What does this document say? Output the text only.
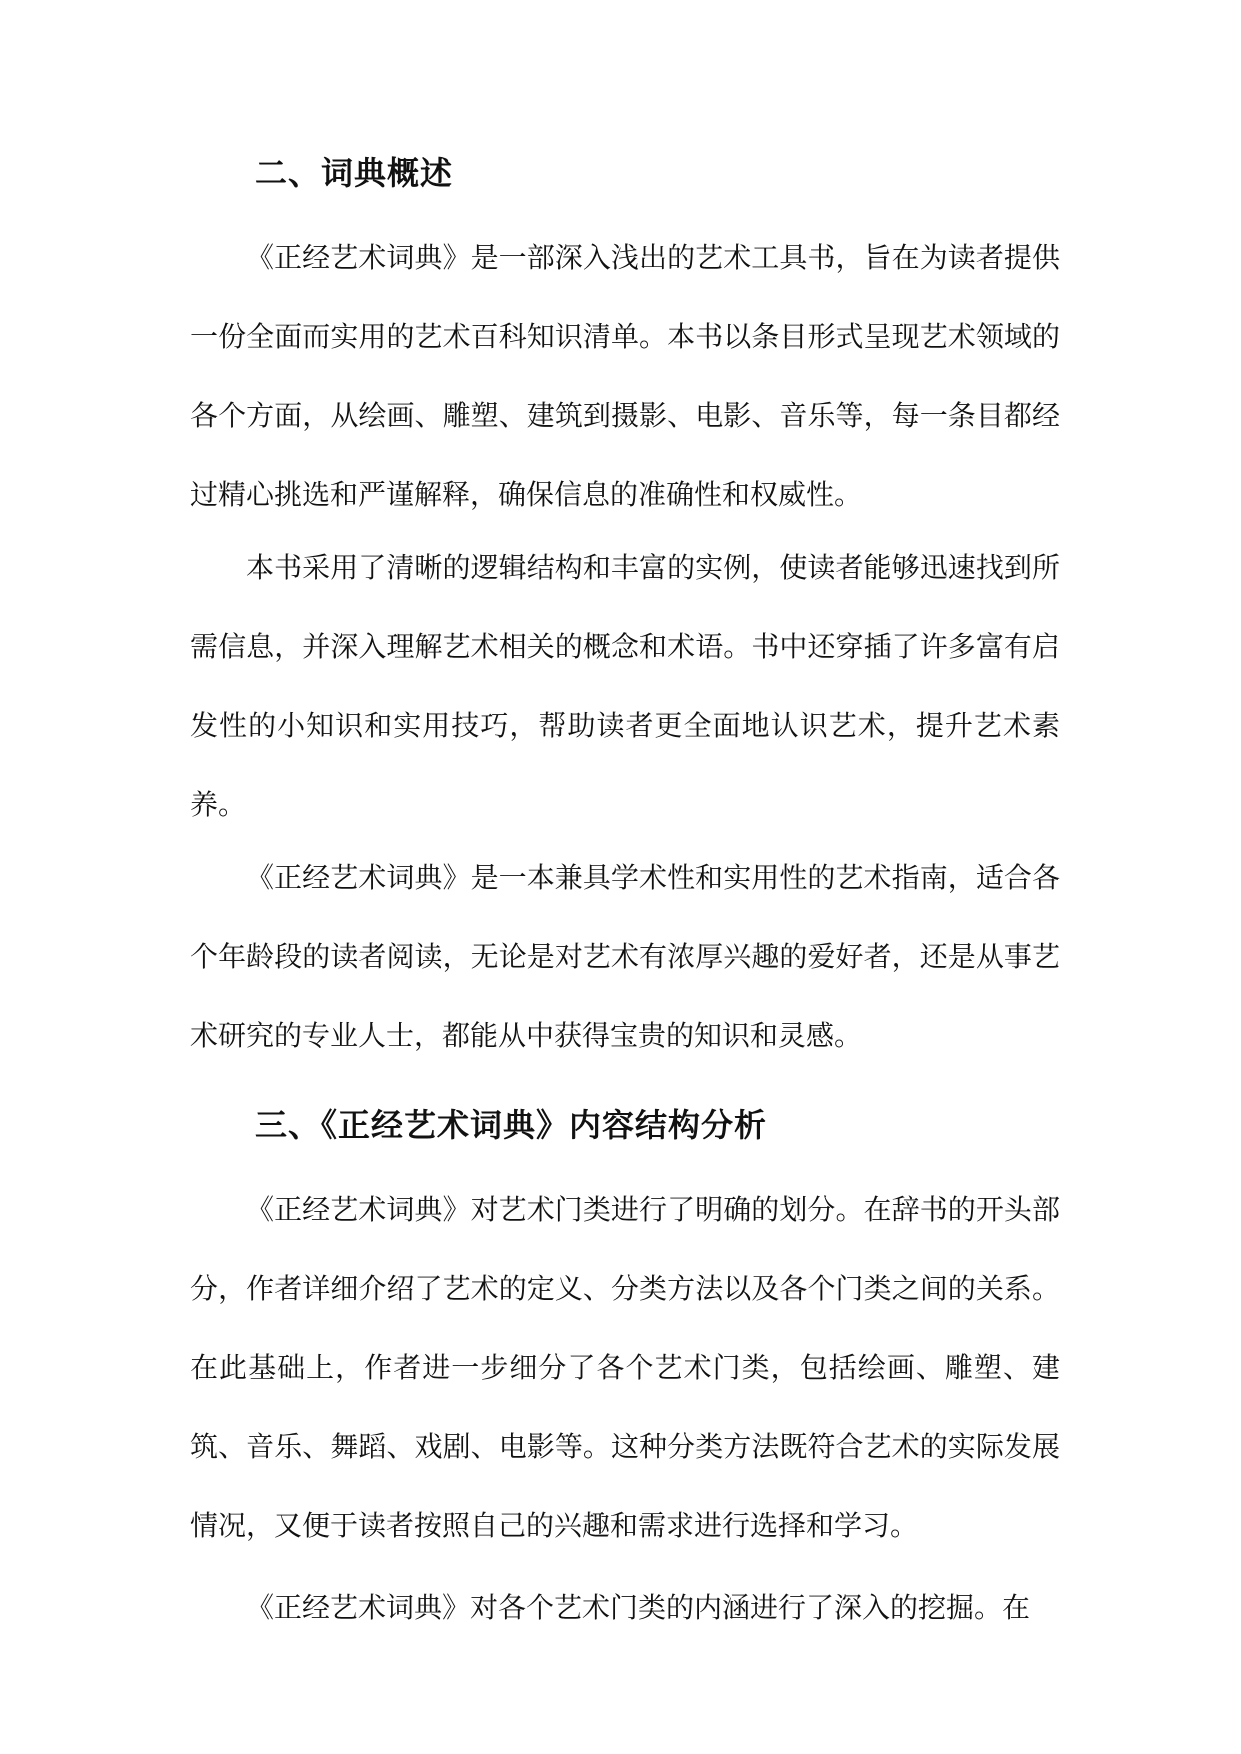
二、词典概述

《正经艺术词典》是一部深入浅出的艺术工具书，旨在为读者提供一份全面而实用的艺术百科知识清单。本书以条目形式呈现艺术领域的各个方面，从绘画、雕塑、建筑到摄影、电影、音乐等，每一条目都经过精心挑选和严谨解释，确保信息的准确性和权威性。

本书采用了清晰的逻辑结构和丰富的实例，使读者能够迅速找到所需信息，并深入理解艺术相关的概念和术语。书中还穿插了许多富有启发性的小知识和实用技巧，帮助读者更全面地认识艺术，提升艺术素养。

《正经艺术词典》是一本兼具学术性和实用性的艺术指南，适合各个年龄段的读者阅读，无论是对艺术有浓厚兴趣的爱好者，还是从事艺术研究的专业人士，都能从中获得宝贵的知识和灵感。

三、《正经艺术词典》内容结构分析

《正经艺术词典》对艺术门类进行了明确的划分。在辞书的开头部分，作者详细介绍了艺术的定义、分类方法以及各个门类之间的关系。在此基础上，作者进一步细分了各个艺术门类，包括绘画、雕塑、建筑、音乐、舞蹈、戏剧、电影等。这种分类方法既符合艺术的实际发展情况，又便于读者按照自己的兴趣和需求进行选择和学习。

《正经艺术词典》对各个艺术门类的内涵进行了深入的挖掘。在
